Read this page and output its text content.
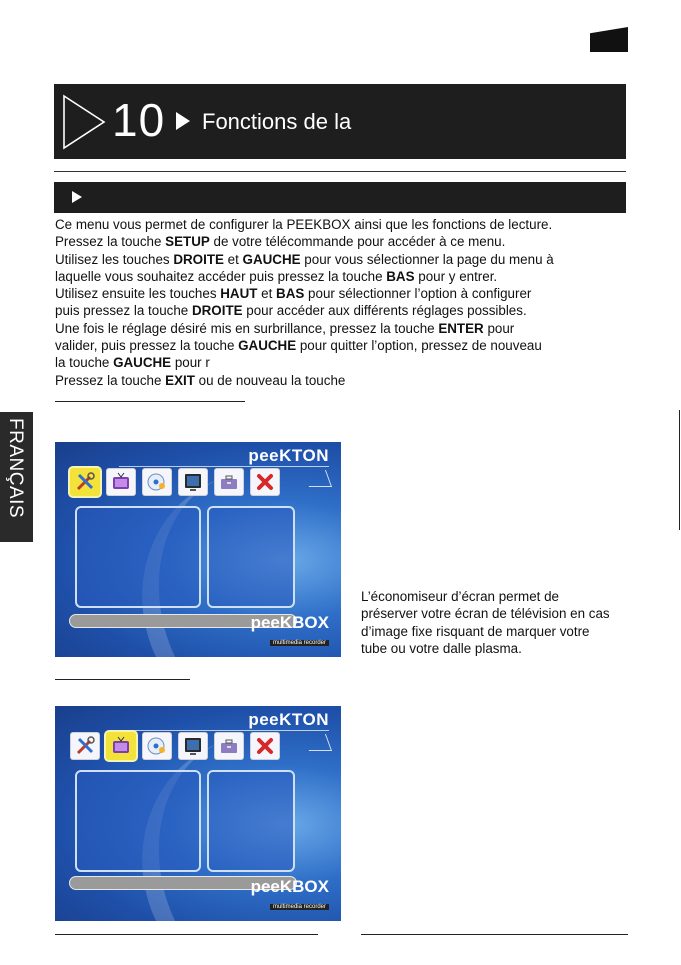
10 Fonctions de la

Ce menu vous permet de configurer la PEEKBOX ainsi que les fonctions de lecture.

Pressez la touche SETUP de votre télécommande pour accéder à ce menu.

Utilisez les touches DROITE et GAUCHE pour vous sélectionner la page du menu à

laquelle vous souhaitez accéder puis pressez la touche BAS pour y entrer.

Utilisez ensuite les touches HAUT et BAS pour sélectionner l’option à configurer

puis pressez la touche DROITE pour accéder aux différents réglages possibles.

Une fois le réglage désiré mis en surbrillance, pressez la touche ENTER pour

valider, puis pressez la touche GAUCHE pour quitter l’option, pressez de nouveau

la touche GAUCHE pour r

Pressez la touche EXIT ou de nouveau la touche

FRANÇAIS	peeKTON
peeKBOX
multimedia recorder
peeKTON
peeKBOX
multimedia recorder

L’économiseur d’écran permet de

préserver votre écran de télévision en cas

d’image fixe risquant de marquer votre

tube ou votre dalle plasma.
